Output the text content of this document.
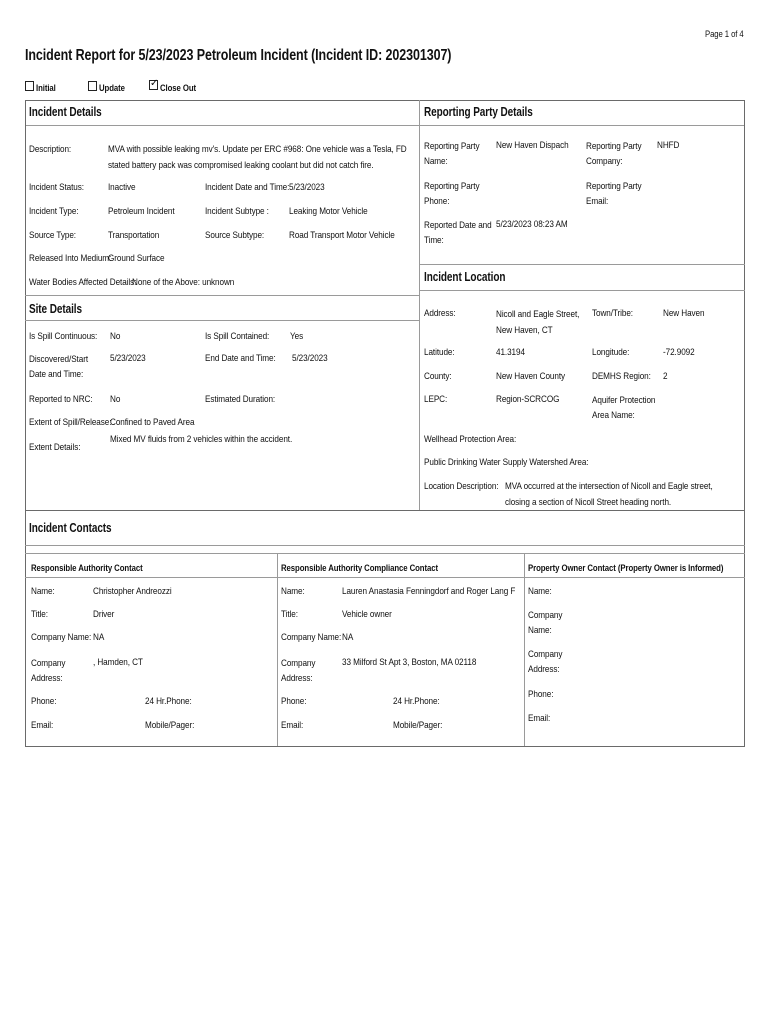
Page 1 of 4
Incident Report for 5/23/2023 Petroleum Incident (Incident ID: 202301307)
Initial	Update
✓	Close Out
Incident Details
Description:	MVA with possible leaking mv's. Update per ERC #968: One vehicle was a Tesla, FD stated battery pack was compromised leaking coolant but did not catch fire.
Incident Status:	Inactive	Incident Date and Time: 5/23/2023
Incident Type:	Petroleum Incident	Incident Subtype : Leaking Motor Vehicle
Source Type:	Transportation	Source Subtype:	Road Transport Motor Vehicle
Released Into Medium:
Ground Surface
Water Bodies Affected Details:
None of the Above: unknown
Site Details
Is Spill Continuous: No	Is Spill Contained: Yes
Discovered/Start Date and Time:
5/23/2023	End Date and Time: 5/23/2023
Reported to NRC: No	Estimated Duration:
Extent of Spill/Release:
Confined to Paved Area
Extent Details:
Mixed MV fluids from 2 vehicles within the accident.
Reporting Party Details
Reporting Party Name:
New Haven Dispach Reporting Party Company:
NHFD
Reporting Party Phone:
Reporting Party Email:
Reported Date and Time:
5/23/2023 08:23 AM
Incident Location
Address:	Nicoll and Eagle Street, New Haven, CT
Town/Tribe:	New Haven
Latitude:	41.3194	Longitude:	-72.9092
County:	New Haven County	DEMHS Region: 2
LEPC:	Region-SCRCOG	Aquifer Protection Area Name:
Wellhead Protection Area:
Public Drinking Water Supply Watershed Area:
Location Description: MVA occurred at the intersection of Nicoll and Eagle street, closing a section of Nicoll Street heading north.
Incident Contacts
Responsible Authority Contact
Name:	Christopher Andreozzi
Title:	Driver
Company Name: NA
Company Address:
, Hamden, CT
Phone:	24 Hr.Phone:
Email:	Mobile/Pager:
Responsible Authority Compliance Contact
Name:	Lauren Anastasia Fenningdorf and Roger Lang F
Title:	Vehicle owner
Company Name: NA
Company Address:
33 Milford St Apt 3, Boston, MA 02118
Phone:	24 Hr.Phone:
Email:	Mobile/Pager:
Property Owner Contact (Property Owner is Informed)
Name:
Company Name:
Company Address:
Phone:
Email:
